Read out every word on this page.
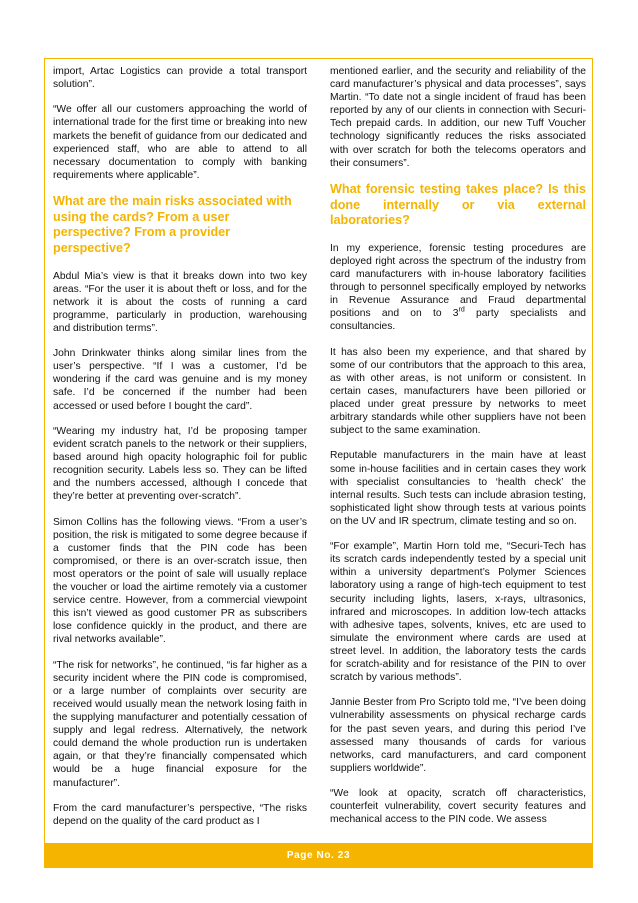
import, Artac Logistics can provide a total transport solution”.

“We offer all our customers approaching the world of international trade for the first time or breaking into new markets the benefit of guidance from our dedicated and experienced staff, who are able to attend to all necessary documentation to comply with banking requirements where applicable”.

What are the main risks associated with using the cards? From a user perspective? From a provider perspective?

Abdul Mia’s view is that it breaks down into two key areas. “For the user it is about theft or loss, and for the network it is about the costs of running a card programme, particularly in production, warehousing and distribution terms”.

John Drinkwater thinks along similar lines from the user’s perspective. “If I was a customer, I’d be wondering if the card was genuine and is my money safe. I’d be concerned if the number had been accessed or used before I bought the card”.

“Wearing my industry hat, I’d be proposing tamper evident scratch panels to the network or their suppliers, based around high opacity holographic foil for public recognition security. Labels less so. They can be lifted and the numbers accessed, although I concede that they’re better at preventing over-scratch”.

Simon Collins has the following views. “From a user’s position, the risk is mitigated to some degree because if a customer finds that the PIN code has been compromised, or there is an over-scratch issue, then most operators or the point of sale will usually replace the voucher or load the airtime remotely via a customer service centre. However, from a commercial viewpoint this isn’t viewed as good customer PR as subscribers lose confidence quickly in the product, and there are rival networks available”.

“The risk for networks”, he continued, “is far higher as a security incident where the PIN code is compromised, or a large number of complaints over security are received would usually mean the network losing faith in the supplying manufacturer and potentially cessation of supply and legal redress. Alternatively, the network could demand the whole production run is undertaken again, or that they’re financially compensated which would be a huge financial exposure for the manufacturer”.

From the card manufacturer’s perspective, “The risks depend on the quality of the card product as I

mentioned earlier, and the security and reliability of the card manufacturer’s physical and data processes”, says Martin. “To date not a single incident of fraud has been reported by any of our clients in connection with Securi-Tech prepaid cards. In addition, our new Tuff Voucher technology significantly reduces the risks associated with over scratch for both the telecoms operators and their consumers”.

What forensic testing takes place? Is this done internally or via external laboratories?

In my experience, forensic testing procedures are deployed right across the spectrum of the industry from card manufacturers with in-house laboratory facilities through to personnel specifically employed by networks in Revenue Assurance and Fraud departmental positions and on to 3rd party specialists and consultancies.

It has also been my experience, and that shared by some of our contributors that the approach to this area, as with other areas, is not uniform or consistent. In certain cases, manufacturers have been pilloried or placed under great pressure by networks to meet arbitrary standards while other suppliers have not been subject to the same examination.

Reputable manufacturers in the main have at least some in-house facilities and in certain cases they work with specialist consultancies to ‘health check’ the internal results. Such tests can include abrasion testing, sophisticated light show through tests at various points on the UV and IR spectrum, climate testing and so on.

“For example”, Martin Horn told me, “Securi-Tech has its scratch cards independently tested by a special unit within a university department’s Polymer Sciences laboratory using a range of high-tech equipment to test security including lights, lasers, x-rays, ultrasonics, infrared and microscopes. In addition low-tech attacks with adhesive tapes, solvents, knives, etc are used to simulate the environment where cards are used at street level. In addition, the laboratory tests the cards for scratch-ability and for resistance of the PIN to over scratch by various methods”.

Jannie Bester from Pro Scripto told me, “I’ve been doing vulnerability assessments on physical recharge cards for the past seven years, and during this period I’ve assessed many thousands of cards for various networks, card manufacturers, and card component suppliers worldwide”.

“We look at opacity, scratch off characteristics, counterfeit vulnerability, covert security features and mechanical access to the PIN code. We assess

Page No. 23
